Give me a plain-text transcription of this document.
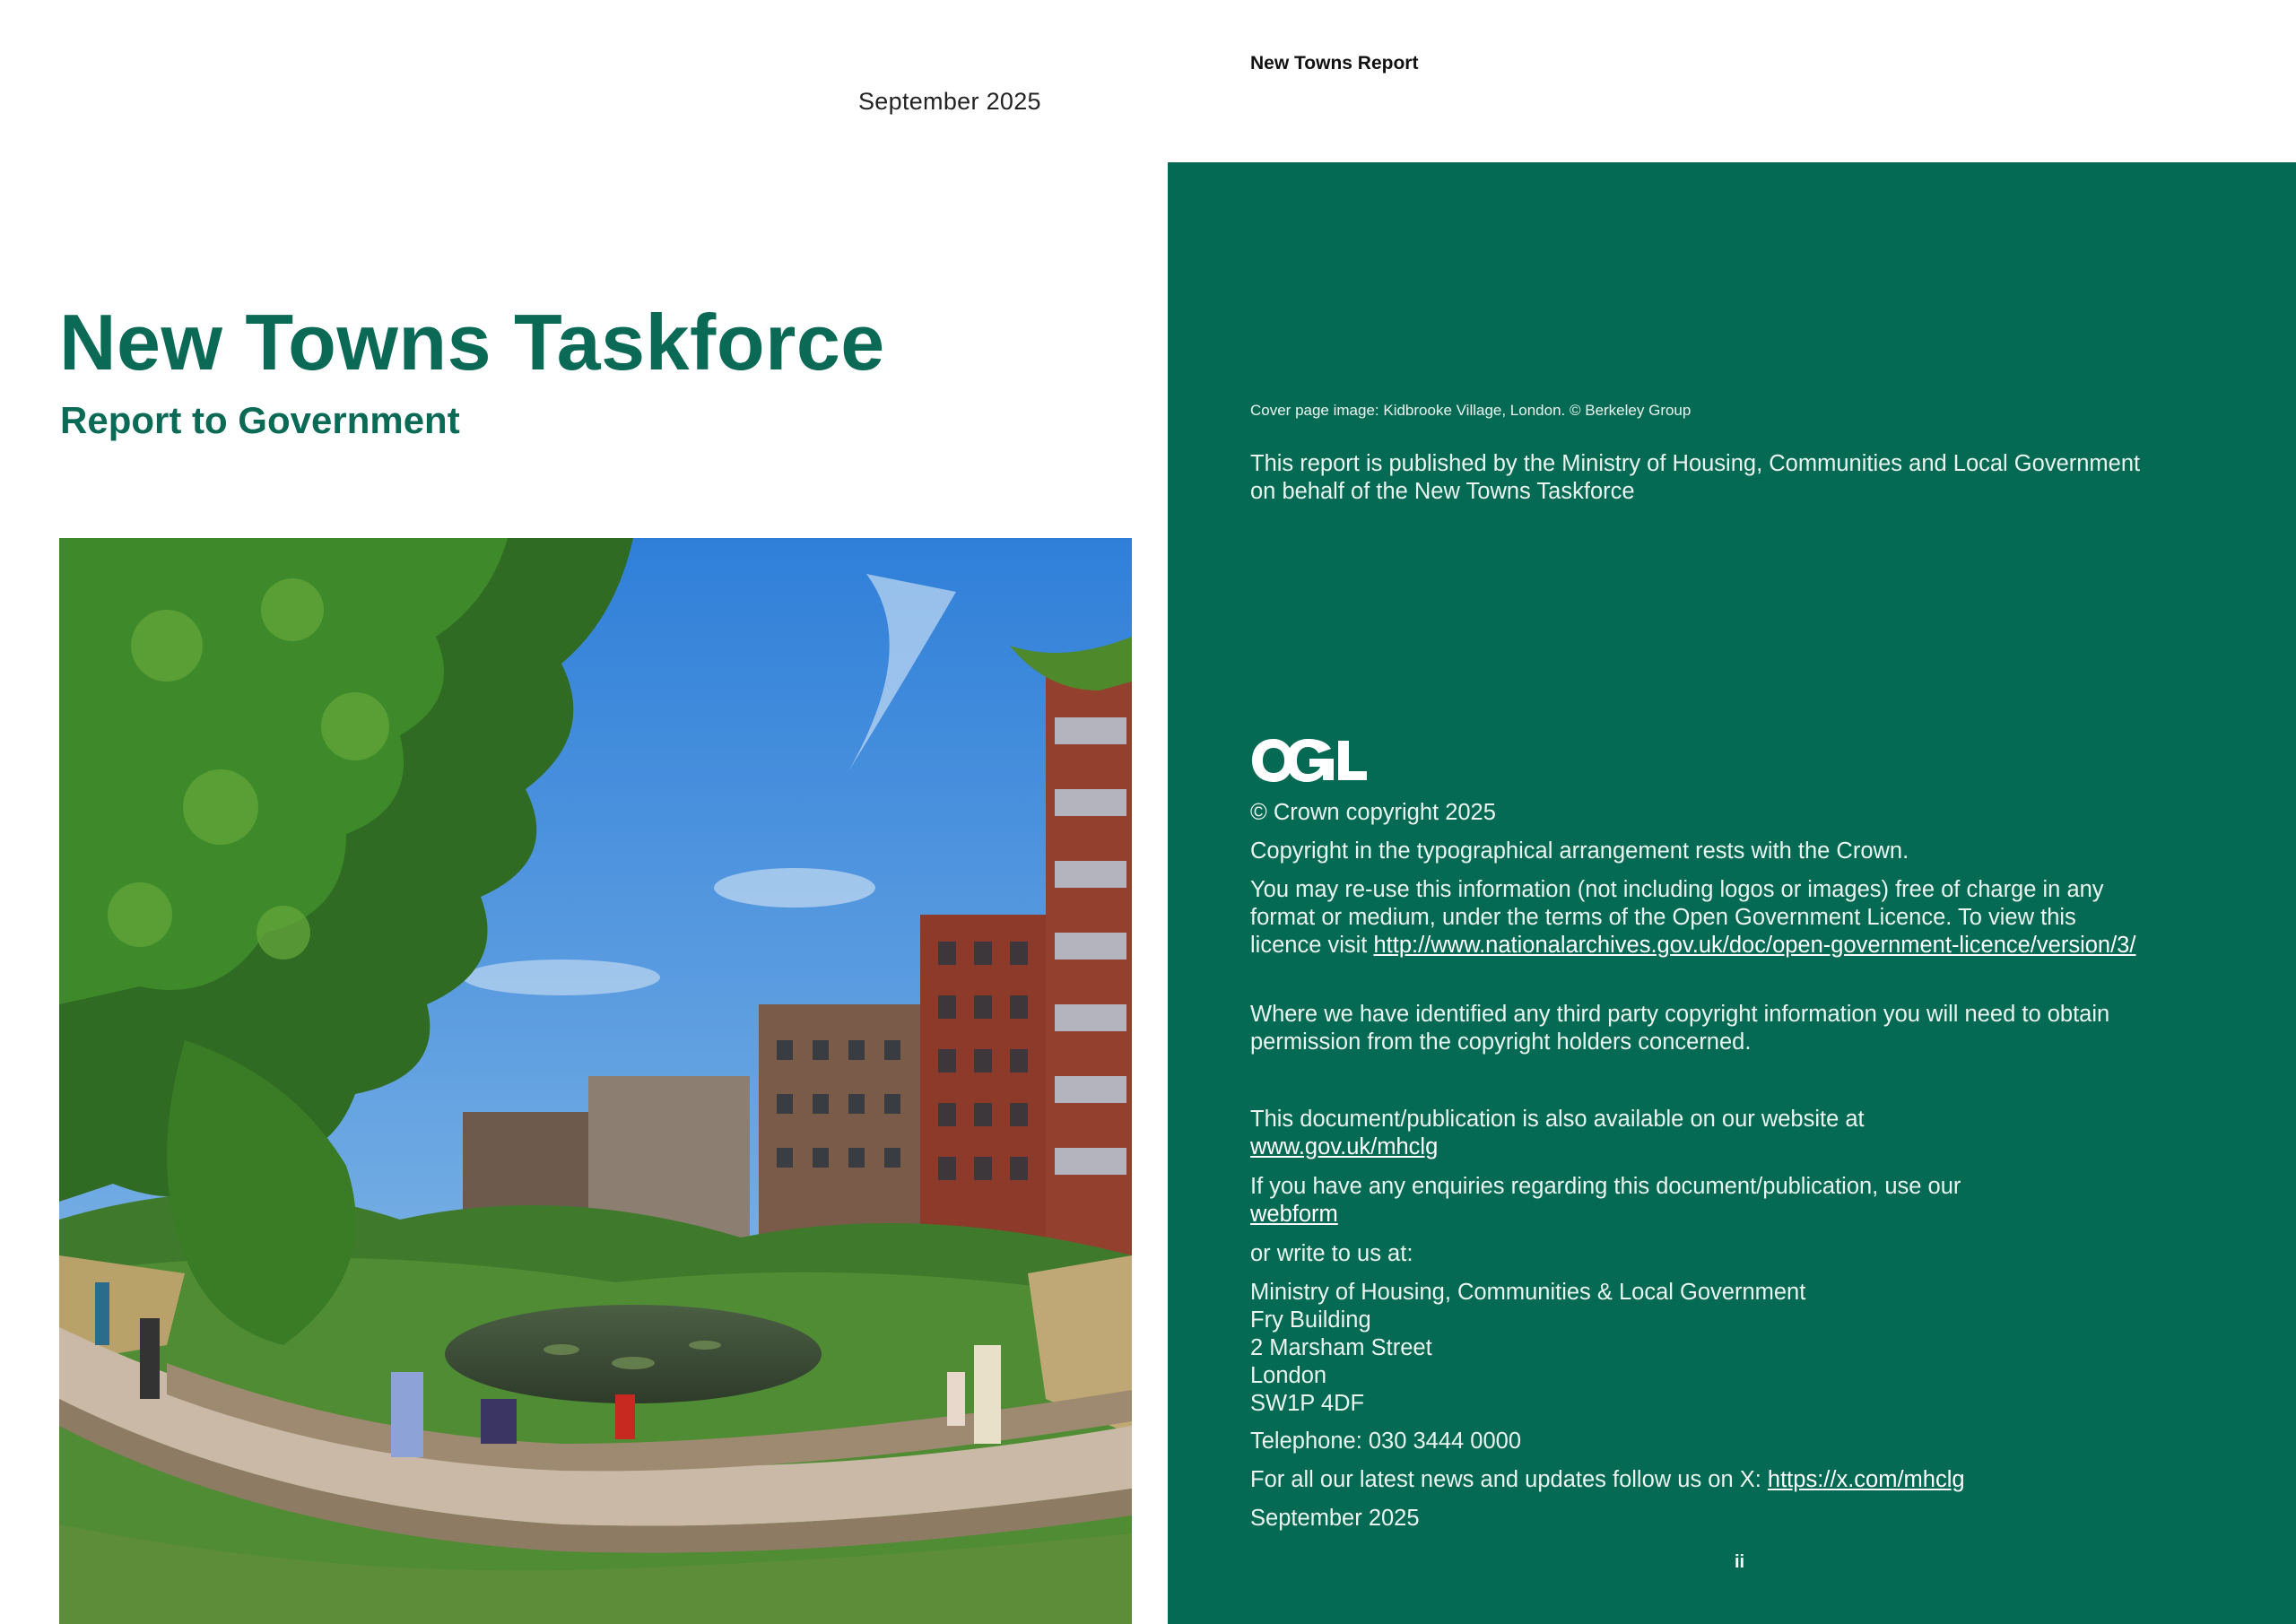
September 2025
New Towns Report
New Towns Taskforce
Report to Government	Cover page image: Kidbrooke Village, London. © Berkeley Group

This report is published by the Ministry of Housing, Communities and Local Government on behalf of the New Towns Taskforce

© Crown copyright 2025

Copyright in the typographical arrangement rests with the Crown.

You may re-use this information (not including logos or images) free of charge in any format or medium, under the terms of the Open Government Licence. To view this licence visit http://www.nationalarchives.gov.uk/doc/open-government-licence/version/3/

Where we have identified any third party copyright information you will need to obtain permission from the copyright holders concerned.

This document/publication is also available on our website at www.gov.uk/mhclg

If you have any enquiries regarding this document/publication, use our webform

or write to us at:

Ministry of Housing, Communities & Local Government
Fry Building
2 Marsham Street
London
SW1P 4DF

Telephone: 030 3444 0000

For all our latest news and updates follow us on X: https://x.com/mhclg

September 2025

ii
